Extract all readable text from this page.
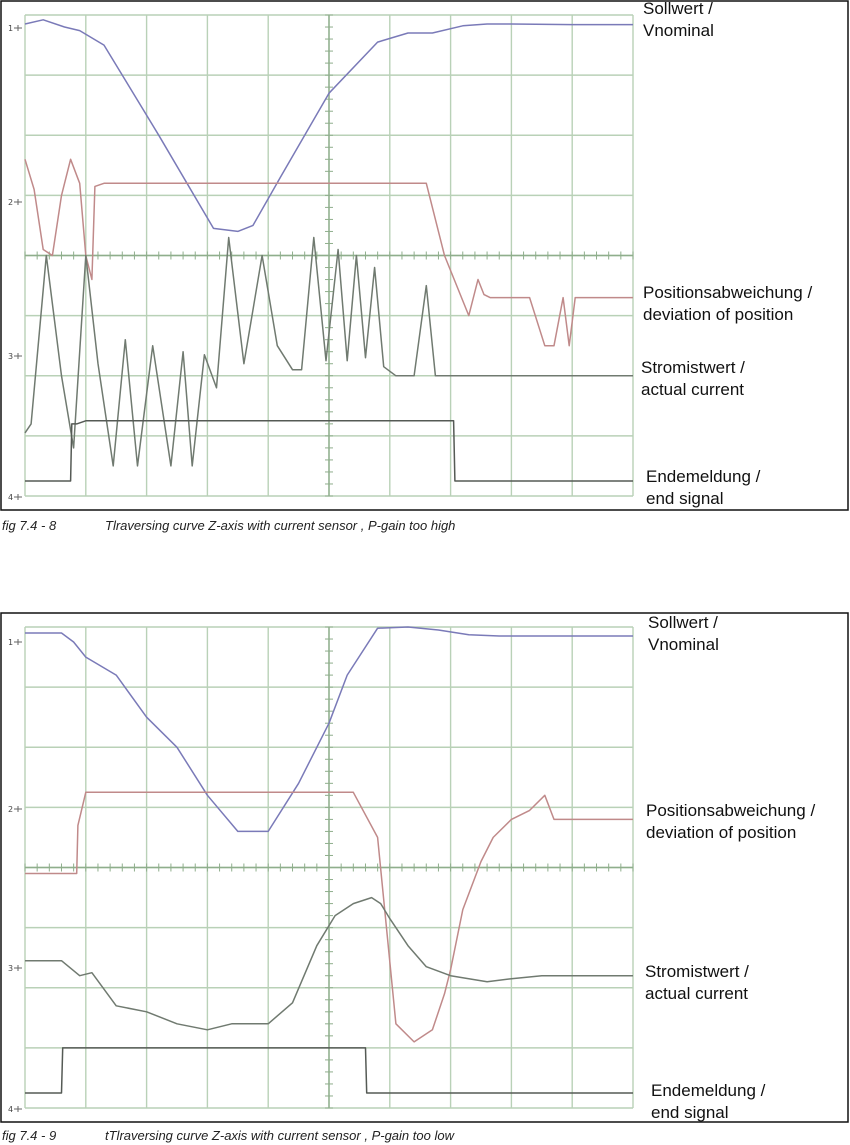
1
2
3
4
Sollwert /
Vnominal
Positionsabweichung /
deviation of position
Stromistwert /
actual current
Endemeldung /
end signal
fig 7.4 - 8	Tlraversing curve Z-axis with current sensor , P-gain too high
1
2
3
4
Sollwert /
Vnominal
Positionsabweichung /
deviation of position
Stromistwert /
actual current
Endemeldung /
end signal
fig 7.4 - 9	tTlraversing curve Z-axis with current sensor , P-gain too low
